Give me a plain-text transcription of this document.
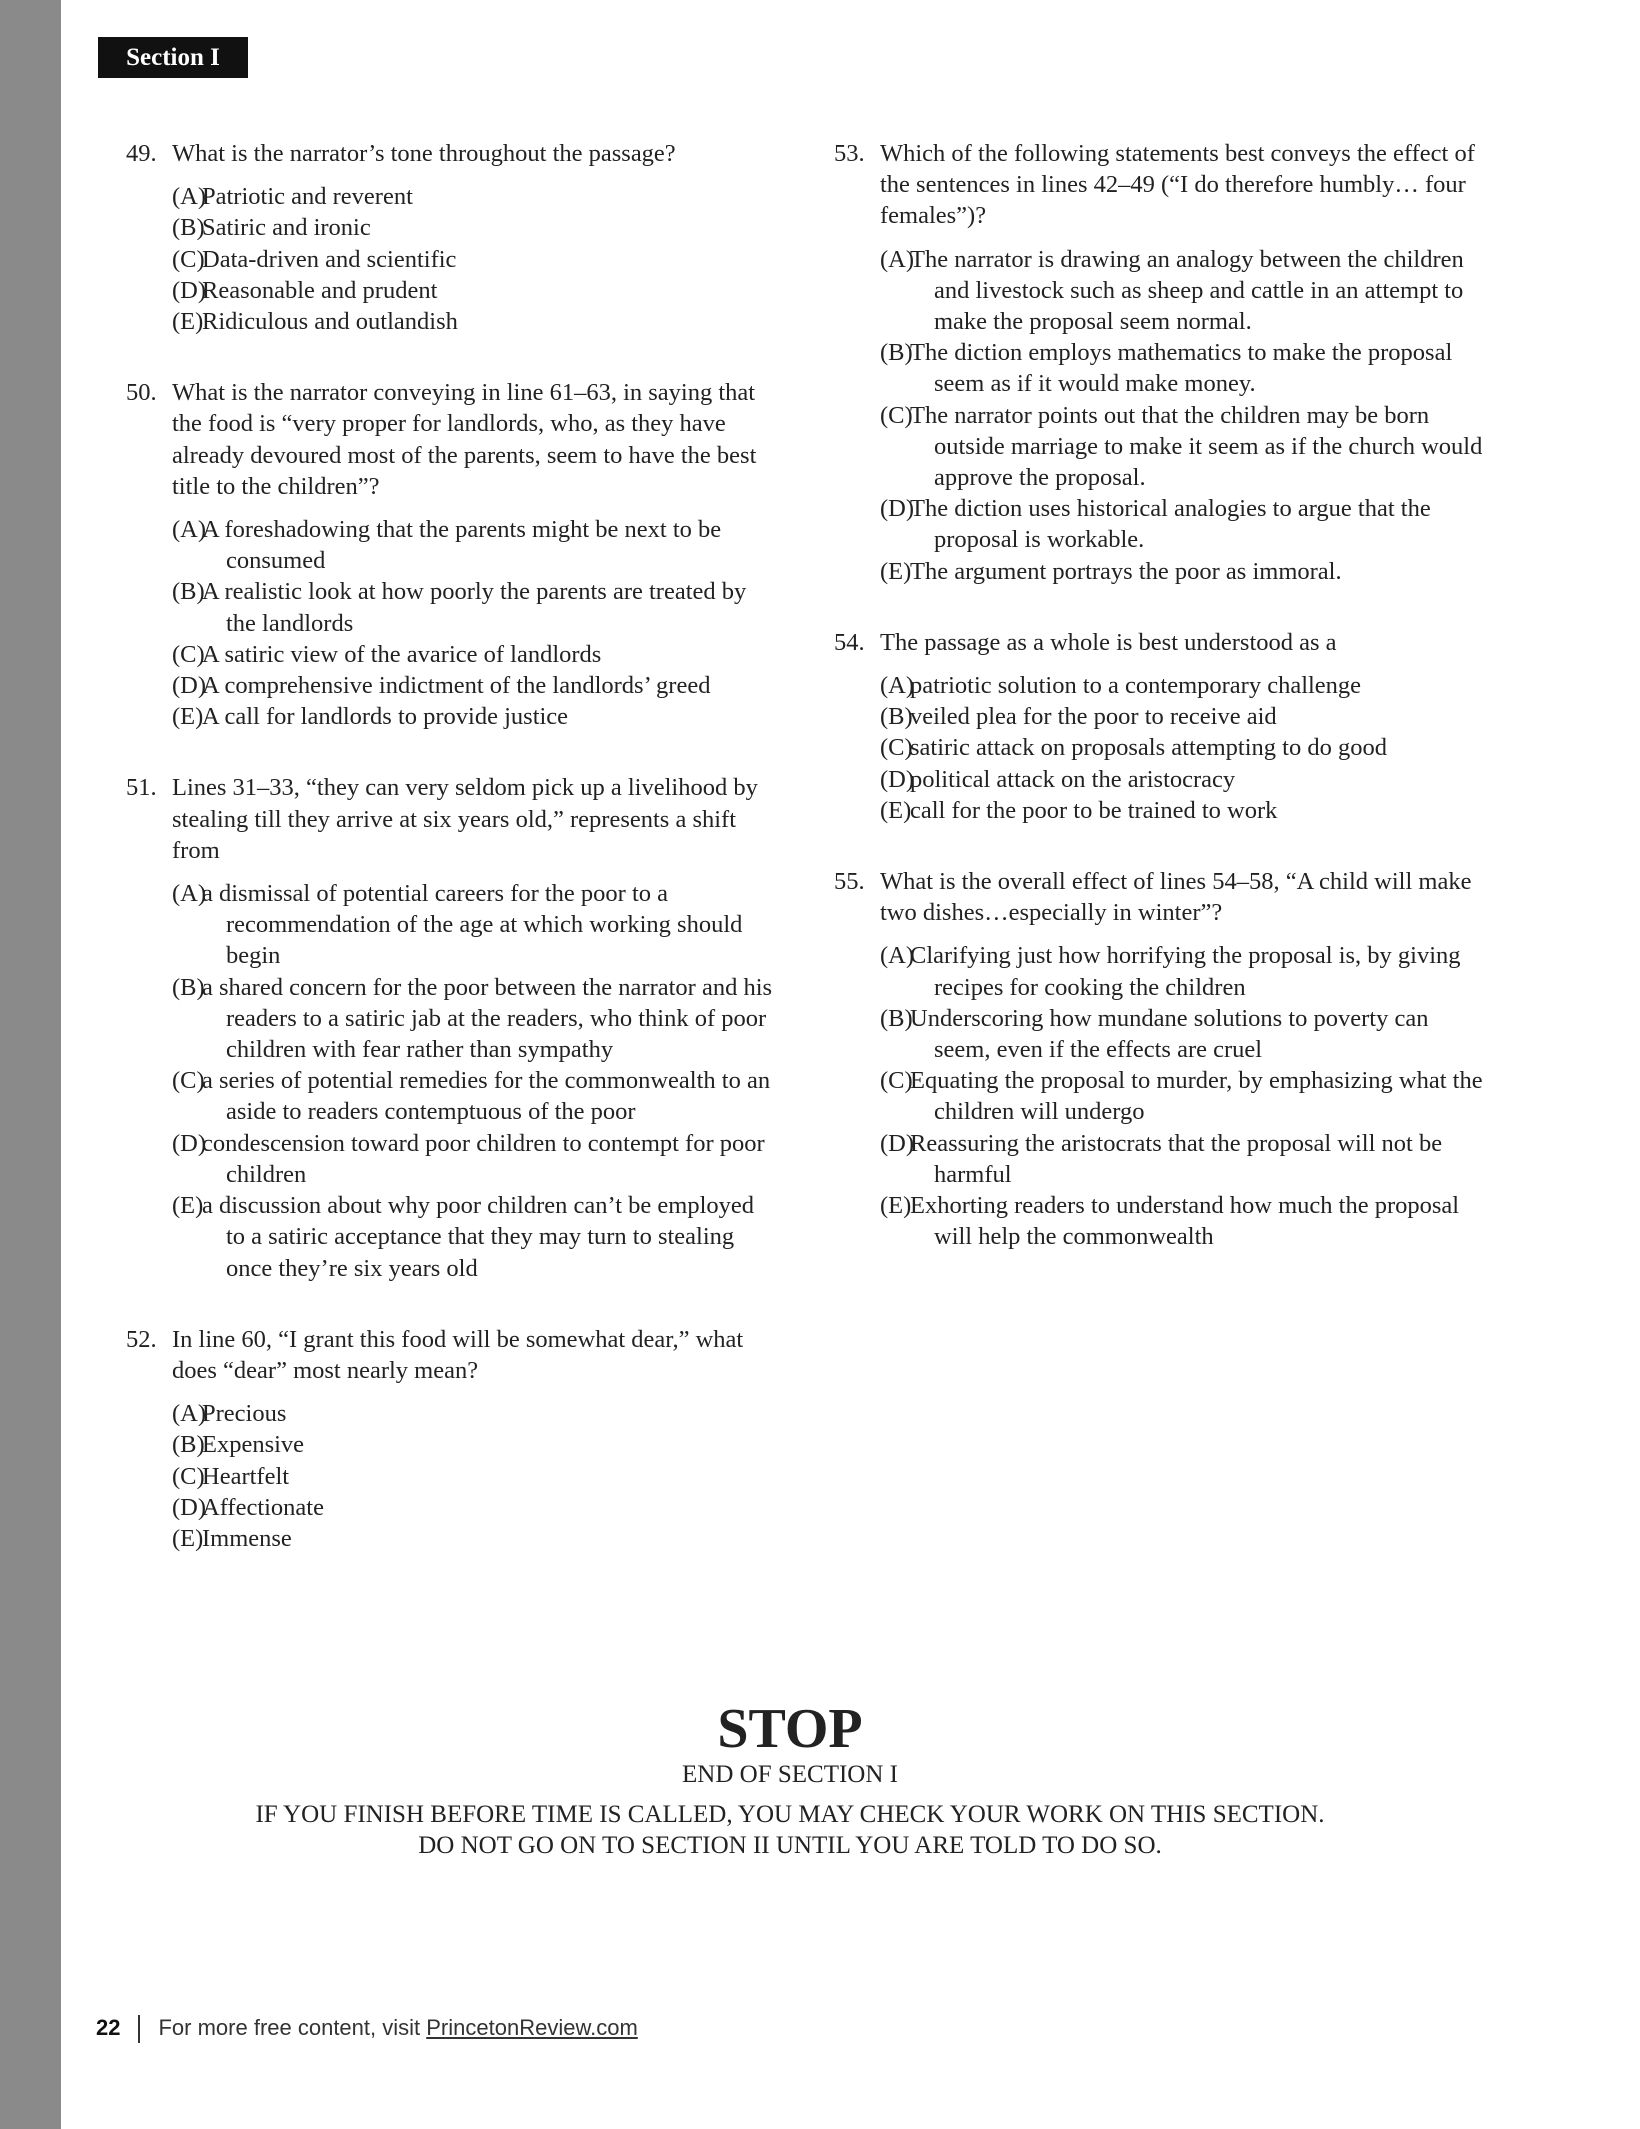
Section I
49. What is the narrator’s tone throughout the passage?
(A)
Patriotic and reverent
(B)
Satiric and ironic
(C)
Data-driven and scientific
(D)
Reasonable and prudent
(E)
Ridiculous and outlandish
50. What is the narrator conveying in line 61–63, in saying that the food is “very proper for landlords, who, as they have already devoured most of the parents, seem to have the best title to the children”?
(A)
A foreshadowing that the parents might be next to be consumed
(B)
A realistic look at how poorly the parents are treated by the landlords
(C)
A satiric view of the avarice of landlords
(D)
A comprehensive indictment of the landlords’ greed
(E)
A call for landlords to provide justice
51. Lines 31–33, “they can very seldom pick up a livelihood by stealing till they arrive at six years old,” represents a shift from
(A)
a dismissal of potential careers for the poor to a recommendation of the age at which working should begin
(B)
a shared concern for the poor between the narrator and his readers to a satiric jab at the readers, who think of poor children with fear rather than sympathy
(C)
a series of potential remedies for the commonwealth to an aside to readers contemptuous of the poor
(D)
condescension toward poor children to contempt for poor children
(E)
a discussion about why poor children can’t be employed to a satiric acceptance that they may turn to stealing once they’re six years old
52. In line 60, “I grant this food will be somewhat dear,” what does “dear” most nearly mean?
(A)
Precious
(B)
Expensive
(C)
Heartfelt
(D)
Affectionate
(E)
Immense
53. Which of the following statements best conveys the effect of the sentences in lines 42–49 (“I do therefore humbly… four females”)?
(A)
The narrator is drawing an analogy between the children and livestock such as sheep and cattle in an attempt to make the proposal seem normal.
(B)
The diction employs mathematics to make the proposal seem as if it would make money.
(C)
The narrator points out that the children may be born outside marriage to make it seem as if the church would approve the proposal.
(D)
The diction uses historical analogies to argue that the proposal is workable.
(E)
The argument portrays the poor as immoral.
54. The passage as a whole is best understood as a
(A)
patriotic solution to a contemporary challenge
(B)
veiled plea for the poor to receive aid
(C)
satiric attack on proposals attempting to do good
(D)
political attack on the aristocracy
(E)
call for the poor to be trained to work
55. What is the overall effect of lines 54–58, “A child will make two dishes…especially in winter”?
(A)
Clarifying just how horrifying the proposal is, by giving recipes for cooking the children
(B)
Underscoring how mundane solutions to poverty can seem, even if the effects are cruel
(C)
Equating the proposal to murder, by emphasizing what the children will undergo
(D)
Reassuring the aristocrats that the proposal will not be harmful
(E)
Exhorting readers to understand how much the proposal will help the commonwealth
STOP
END OF SECTION I
IF YOU FINISH BEFORE TIME IS CALLED, YOU MAY CHECK YOUR WORK ON THIS SECTION.
DO NOT GO ON TO SECTION II UNTIL YOU ARE TOLD TO DO SO.
22 For more free content, visit PrincetonReview.com
